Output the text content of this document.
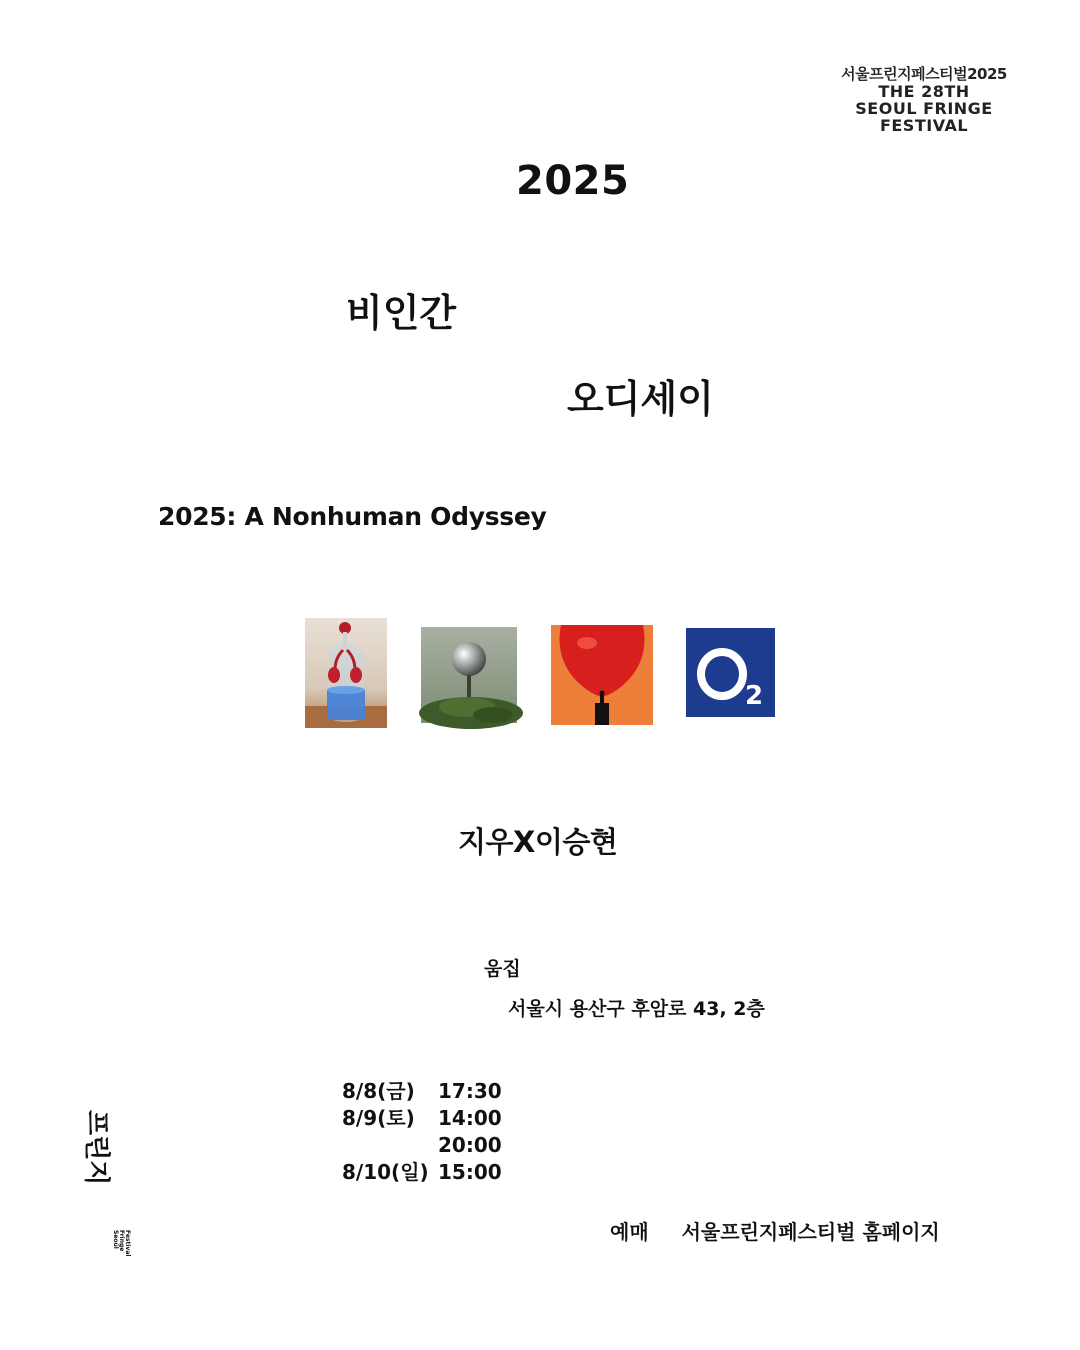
서울프린지페스티벌2025
THE 28TH
SEOUL FRINGE
FESTIVAL
2025
비인간
오디세이
2025: A Nonhuman Odyssey
2
지우X이승현
움집
서울시 용산구 후암로 43, 2층
8/8(금)	17:30
8/9(토)	14:00
20:00
8/10(일) 15:00
예매 서울프린지페스티벌 홈페이지
프린지
Seoul Fringe Festival
